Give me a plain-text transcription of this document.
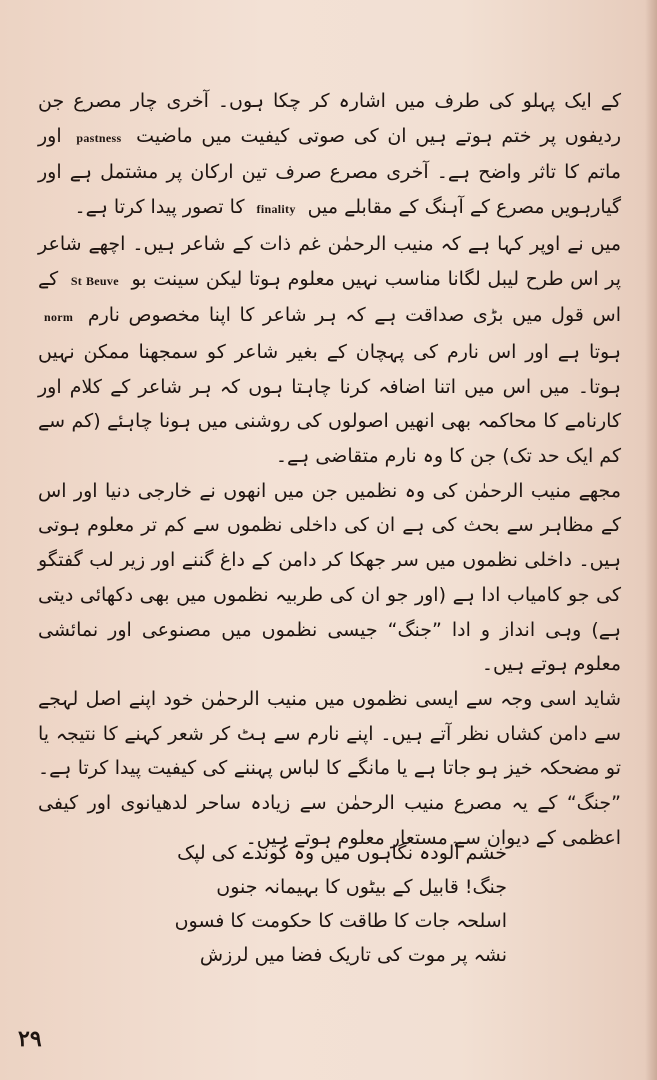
کے ایک پہلو کی طرف میں اشارہ کر چکا ہوں۔ آخری چار مصرع جن ردیفوں پر ختم ہوتے ہیں ان کی صوتی کیفیت میں ماضیت pastness اور ماتم کا تاثر واضح ہے۔ آخری مصرع صرف تین ارکان پر مشتمل ہے اور گیارہویں مصرع کے آہنگ کے مقابلے میں finality کا تصور پیدا کرتا ہے۔

میں نے اوپر کہا ہے کہ منیب الرحمٰن غم ذات کے شاعر ہیں۔ اچھے شاعر پر اس طرح لیبل لگانا مناسب نہیں معلوم ہوتا لیکن سینت بو St Beuve کے اس قول میں بڑی صداقت ہے کہ ہر شاعر کا اپنا مخصوص نارم norm ہوتا ہے اور اس نارم کی پہچان کے بغیر شاعر کو سمجھنا ممکن نہیں ہوتا۔ میں اس میں اتنا اضافہ کرنا چاہتا ہوں کہ ہر شاعر کے کلام اور کارنامے کا محاکمہ بھی انھیں اصولوں کی روشنی میں ہونا چاہئے (کم سے کم ایک حد تک) جن کا وہ نارم متقاضی ہے۔

مجھے منیب الرحمٰن کی وہ نظمیں جن میں انھوں نے خارجی دنیا اور اس کے مظاہر سے بحث کی ہے ان کی داخلی نظموں سے کم تر معلوم ہوتی ہیں۔ داخلی نظموں میں سر جھکا کر دامن کے داغ گننے اور زیر لب گفتگو کی جو کامیاب ادا ہے (اور جو ان کی طربیہ نظموں میں بھی دکھائی دیتی ہے) وہی انداز و ادا ”جنگ“ جیسی نظموں میں مصنوعی اور نمائشی معلوم ہوتے ہیں۔

شاید اسی وجہ سے ایسی نظموں میں منیب الرحمٰن خود اپنے اصل لہجے سے دامن کشاں نظر آتے ہیں۔ اپنے نارم سے ہٹ کر شعر کہنے کا نتیجہ یا تو مضحکہ خیز ہو جاتا ہے یا مانگے کا لباس پہننے کی کیفیت پیدا کرتا ہے۔ ”جنگ“ کے یہ مصرع منیب الرحمٰن سے زیادہ ساحر لدھیانوی اور کیفی اعظمی کے دیوان سے مستعار معلوم ہوتے ہیں۔

خشم آلودہ نگاہوں میں وہ کوندے کی لپک
جنگ! قابیل کے بیٹوں کا بہیمانہ جنوں
اسلحہ جات کا طاقت کا حکومت کا فسوں
نشہ پر موت کی تاریک فضا میں لرزش
۲۹
